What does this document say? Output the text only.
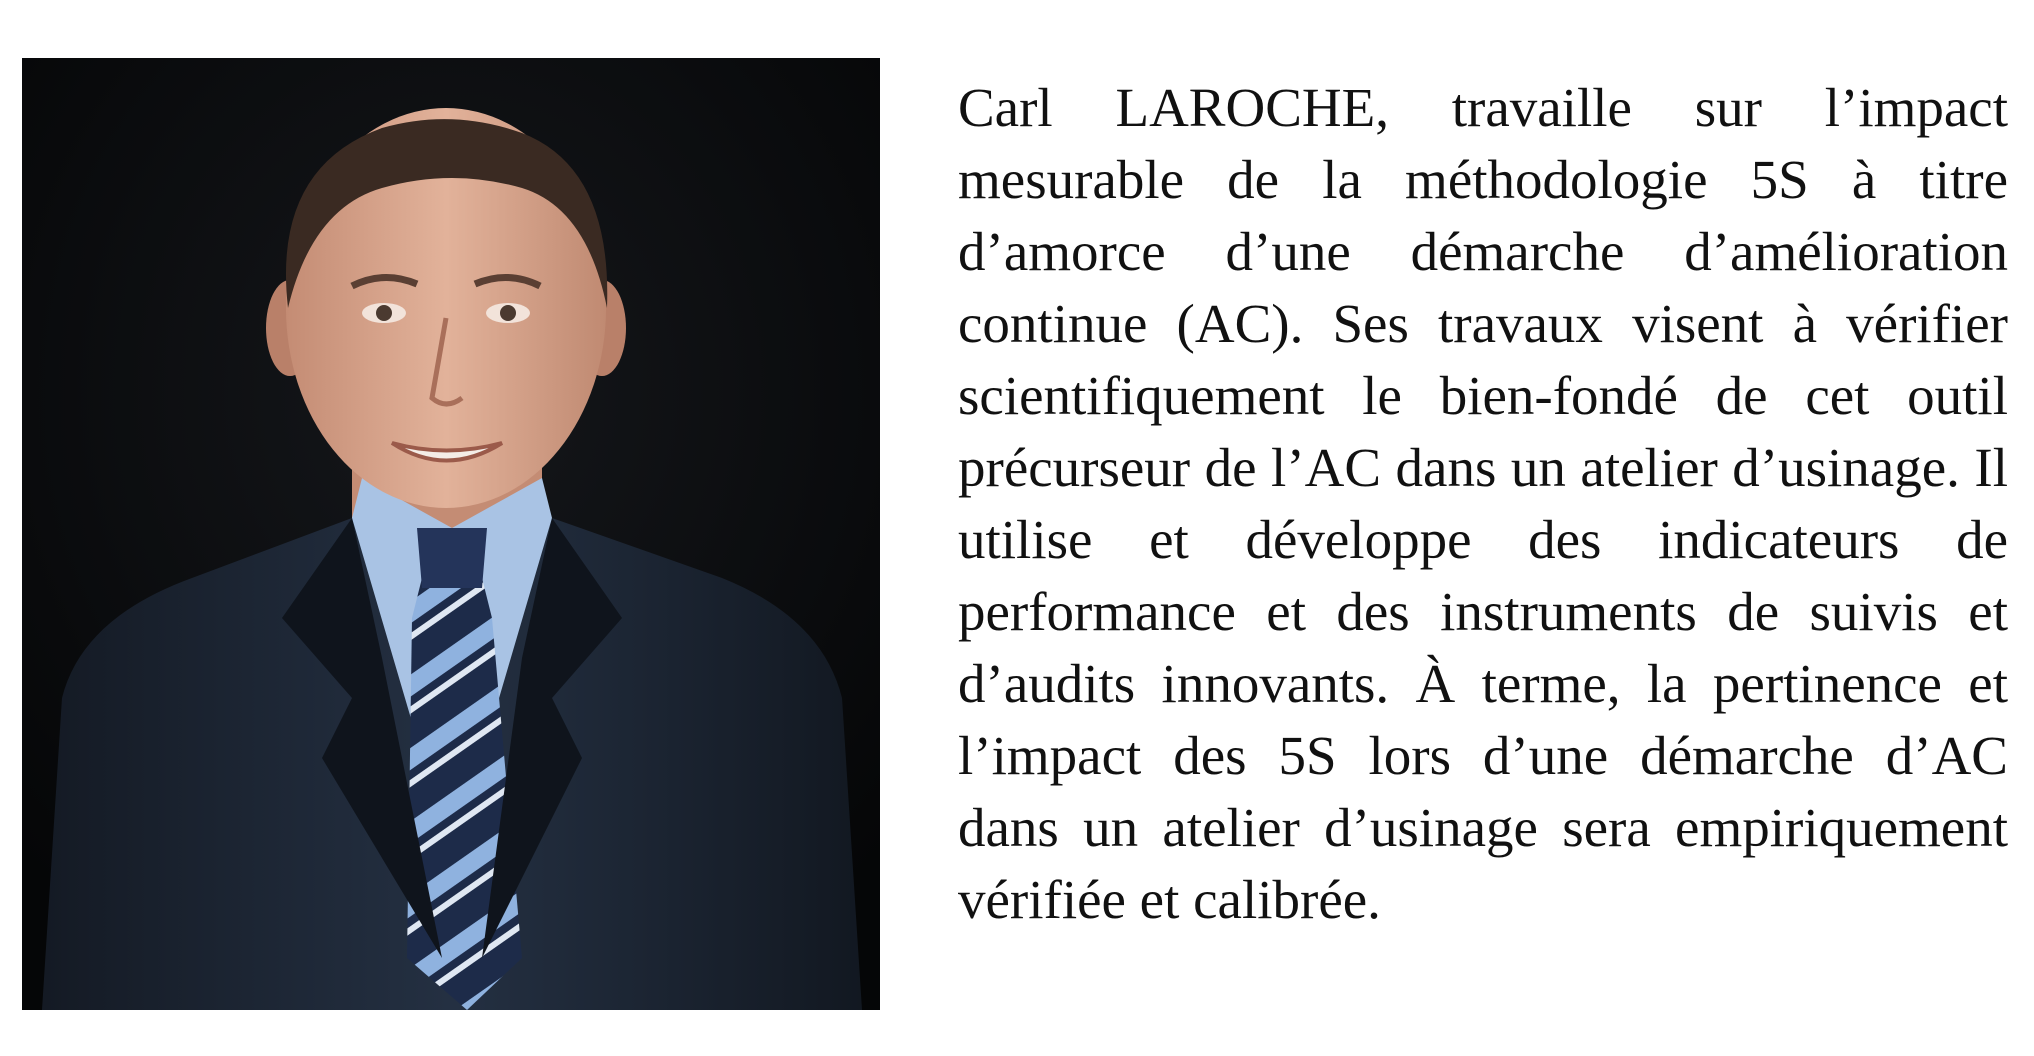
Carl LAROCHE, travaille sur l’impact mesurable de la méthodologie 5S à titre d’amorce d’une démarche d’amélioration continue (AC). Ses travaux visent à vérifier scientifiquement le bien-fondé de cet outil précurseur de l’AC dans un atelier d’usinage. Il utilise et développe des indicateurs de performance et des instruments de suivis et d’audits innovants. À terme, la pertinence et l’impact des 5S lors d’une démarche d’AC dans un atelier d’usinage sera empiriquement vérifiée et calibrée.
